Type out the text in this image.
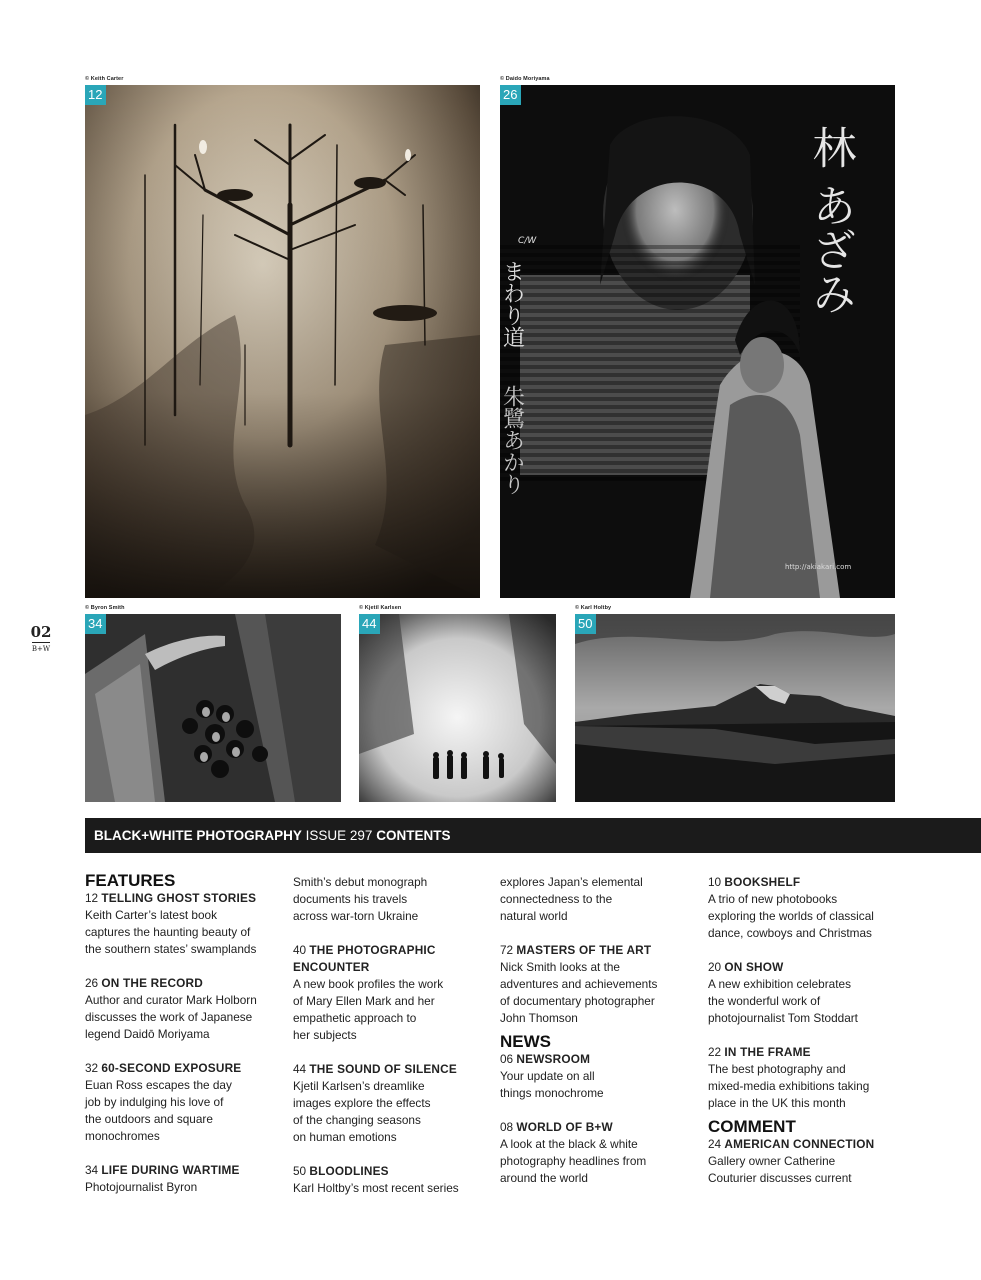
© Keith Carter	© Daido Moriyama
© Byron Smith	© Kjetil Karlsen	© Karl Holtby
12	26
林 あざみ
C/W
まわり道
朱鷺あかり
http://akiakari.com
34	44	50
02
B+W
BLACK+WHITE PHOTOGRAPHY ISSUE 297 CONTENTS
FEATURES
12 TELLING GHOST STORIES
Keith Carter’s latest book
captures the haunting beauty of
the southern states’ swamplands
26 ON THE RECORD
Author and curator Mark Holborn
discusses the work of Japanese
legend Daidō Moriyama
32 60-SECOND EXPOSURE
Euan Ross escapes the day
job by indulging his love of
the outdoors and square
monochromes
34 LIFE DURING WARTIME
Photojournalist Byron
Smith’s debut monograph
documents his travels
across war-torn Ukraine
40 THE PHOTOGRAPHIC ENCOUNTER
A new book profiles the work
of Mary Ellen Mark and her
empathetic approach to
her subjects
44 THE SOUND OF SILENCE
Kjetil Karlsen’s dreamlike
images explore the effects
of the changing seasons
on human emotions
50 BLOODLINES
Karl Holtby’s most recent series
explores Japan’s elemental
connectedness to the
natural world
72 MASTERS OF THE ART
Nick Smith looks at the
adventures and achievements
of documentary photographer
John Thomson
NEWS
06 NEWSROOM
Your update on all
things monochrome
08 WORLD OF B+W
A look at the black & white
photography headlines from
around the world
10 BOOKSHELF
A trio of new photobooks
exploring the worlds of classical
dance, cowboys and Christmas
20 ON SHOW
A new exhibition celebrates
the wonderful work of
photojournalist Tom Stoddart
22 IN THE FRAME
The best photography and
mixed-media exhibitions taking
place in the UK this month
COMMENT
24 AMERICAN CONNECTION
Gallery owner Catherine
Couturier discusses current
